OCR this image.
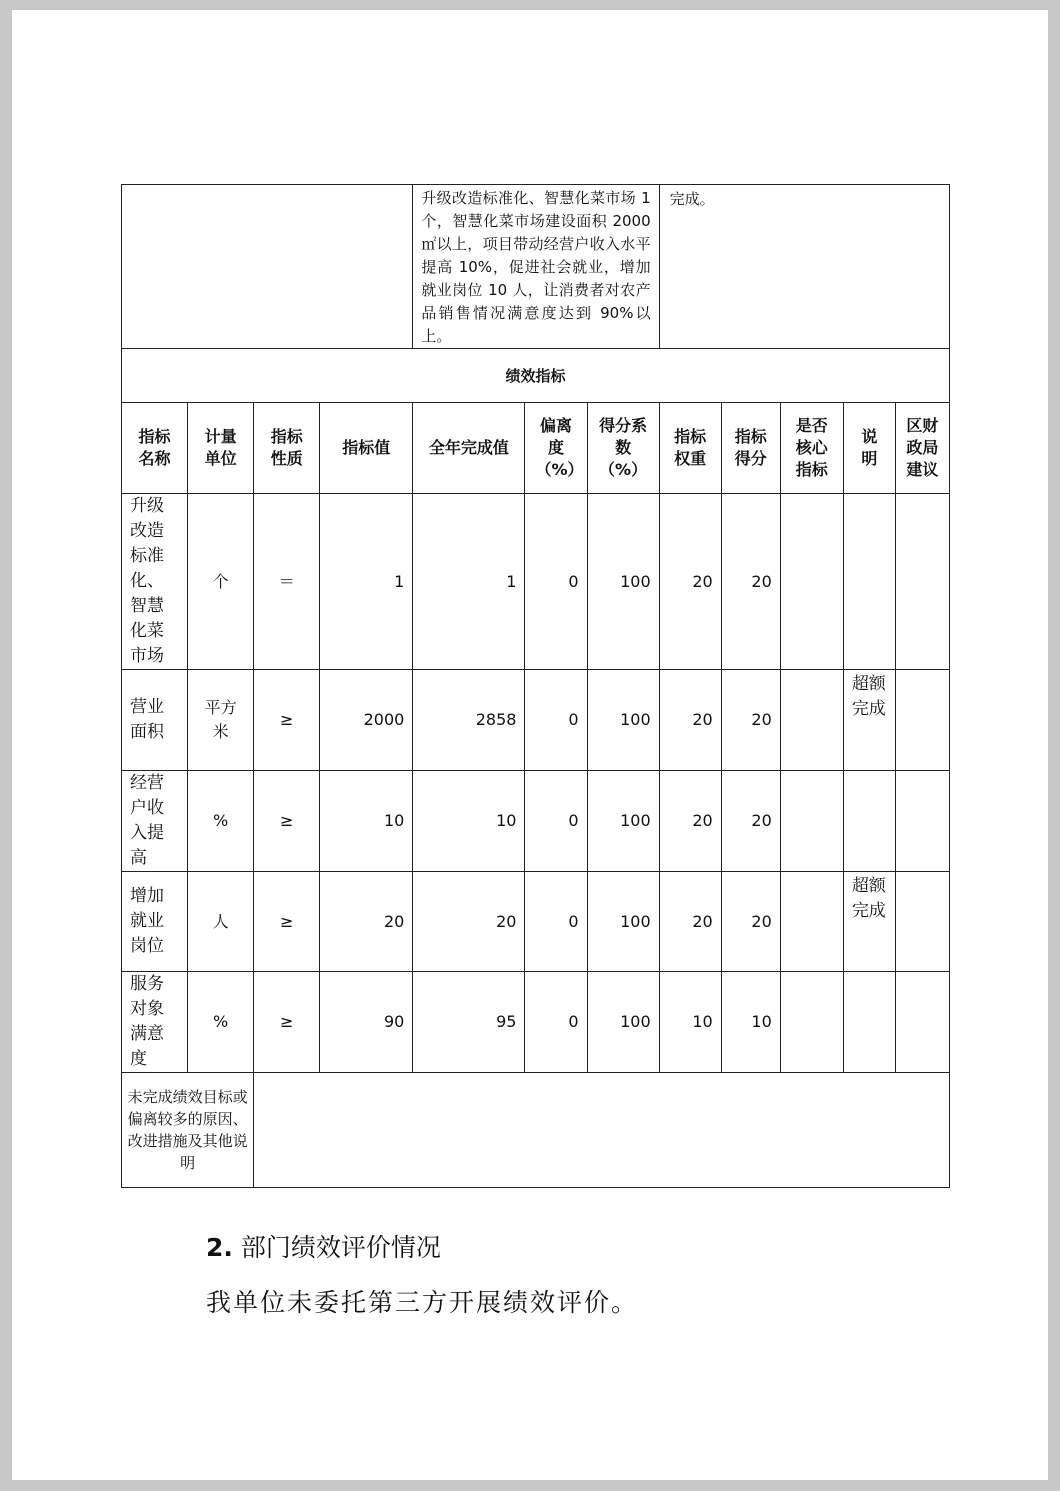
				升级改造标准化、智慧化菜市场 1 个，智慧化菜市场建设面积 2000 ㎡以上，项目带动经营户收入水平提高 10%，促进社会就业，增加就业岗位 10 人，让消费者对农产品销售情况满意度达到 90%以上。			完成。				
绩效指标											
指标名称	计量单位	指标性质	指标值	全年完成值	偏离度（%）	得分系数（%）	指标权重	指标得分	是否核心指标	说明	区财政局建议
升级改造标准化、智慧化菜市场	个	＝	1	1	0	100	20	20			
营业面积	平方米	≥	2000	2858	0	100	20	20		超额完成	
经营户收入提高	%	≥	10	10	0	100	20	20			
增加就业岗位	人	≥	20	20	0	100	20	20		超额完成	
服务对象满意度	%	≥	90	95	0	100	10	10			
未完成绩效目标或偏离较多的原因、改进措施及其他说明											
2. 部门绩效评价情况
我单位未委托第三方开展绩效评价。
